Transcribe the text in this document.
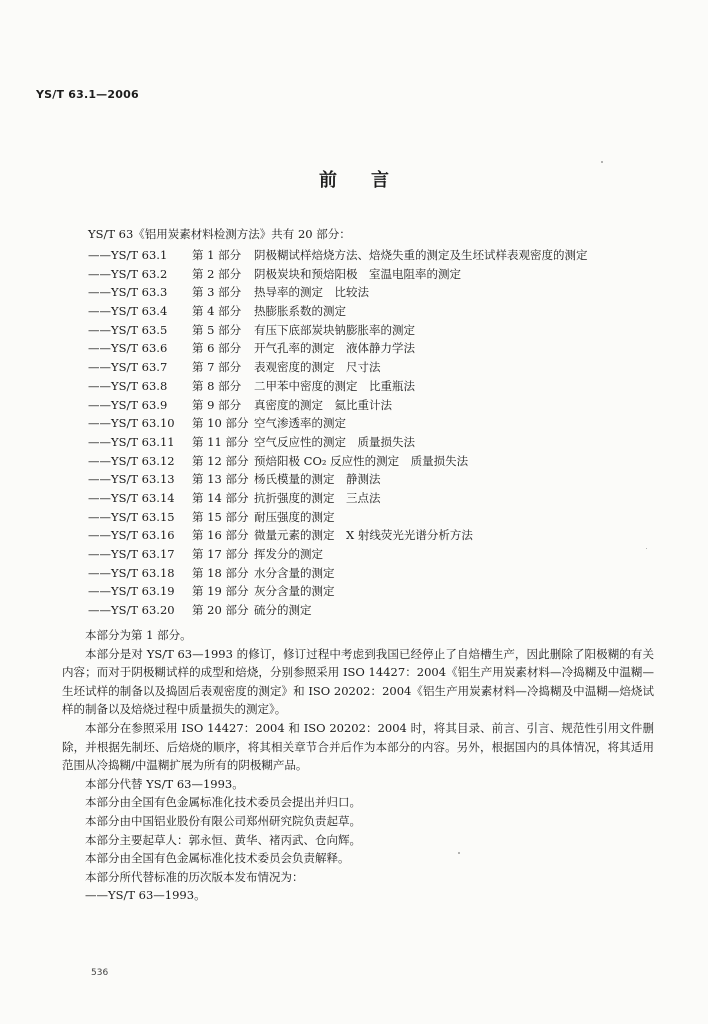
YS/T 63.1—2006
前言
YS/T 63《铝用炭素材料检测方法》共有 20 部分：
——YS/T 63.1 第 1 部分 阴极糊试样焙烧方法、焙烧失重的测定及生坯试样表观密度的测定
——YS/T 63.2 第 2 部分 阴极炭块和预焙阳极　室温电阻率的测定
——YS/T 63.3 第 3 部分 热导率的测定　比较法
——YS/T 63.4 第 4 部分 热膨胀系数的测定
——YS/T 63.5 第 5 部分 有压下底部炭块钠膨胀率的测定
——YS/T 63.6 第 6 部分 开气孔率的测定　液体静力学法
——YS/T 63.7 第 7 部分 表观密度的测定　尺寸法
——YS/T 63.8 第 8 部分 二甲苯中密度的测定　比重瓶法
——YS/T 63.9 第 9 部分 真密度的测定　氦比重计法
——YS/T 63.10 第 10 部分 空气渗透率的测定
——YS/T 63.11 第 11 部分 空气反应性的测定　质量损失法
——YS/T 63.12 第 12 部分 预焙阳极 CO₂ 反应性的测定　质量损失法
——YS/T 63.13 第 13 部分 杨氏模量的测定　静测法
——YS/T 63.14 第 14 部分 抗折强度的测定　三点法
——YS/T 63.15 第 15 部分 耐压强度的测定
——YS/T 63.16 第 16 部分 微量元素的测定　X 射线荧光光谱分析方法
——YS/T 63.17 第 17 部分 挥发分的测定
——YS/T 63.18 第 18 部分 水分含量的测定
——YS/T 63.19 第 19 部分 灰分含量的测定
——YS/T 63.20 第 20 部分 硫分的测定

本部分为第 1 部分。

本部分是对 YS/T 63—1993 的修订，修订过程中考虑到我国已经停止了自焙槽生产，因此删除了阳极糊的有关内容；而对于阴极糊试样的成型和焙烧，分别参照采用 ISO 14427：2004《铝生产用炭素材料—冷捣糊及中温糊—生坯试样的制备以及捣固后表观密度的测定》和 ISO 20202：2004《铝生产用炭素材料—冷捣糊及中温糊—焙烧试样的制备以及焙烧过程中质量损失的测定》。

本部分在参照采用 ISO 14427：2004 和 ISO 20202：2004 时，将其目录、前言、引言、规范性引用文件删除，并根据先制坯、后焙烧的顺序，将其相关章节合并后作为本部分的内容。另外，根据国内的具体情况，将其适用范围从冷捣糊/中温糊扩展为所有的阴极糊产品。

本部分代替 YS/T 63—1993。

本部分由全国有色金属标准化技术委员会提出并归口。

本部分由中国铝业股份有限公司郑州研究院负责起草。

本部分主要起草人：郭永恒、黄华、褚丙武、仓向辉。

本部分由全国有色金属标准化技术委员会负责解释。

本部分所代替标准的历次版本发布情况为：

——YS/T 63—1993。

536
